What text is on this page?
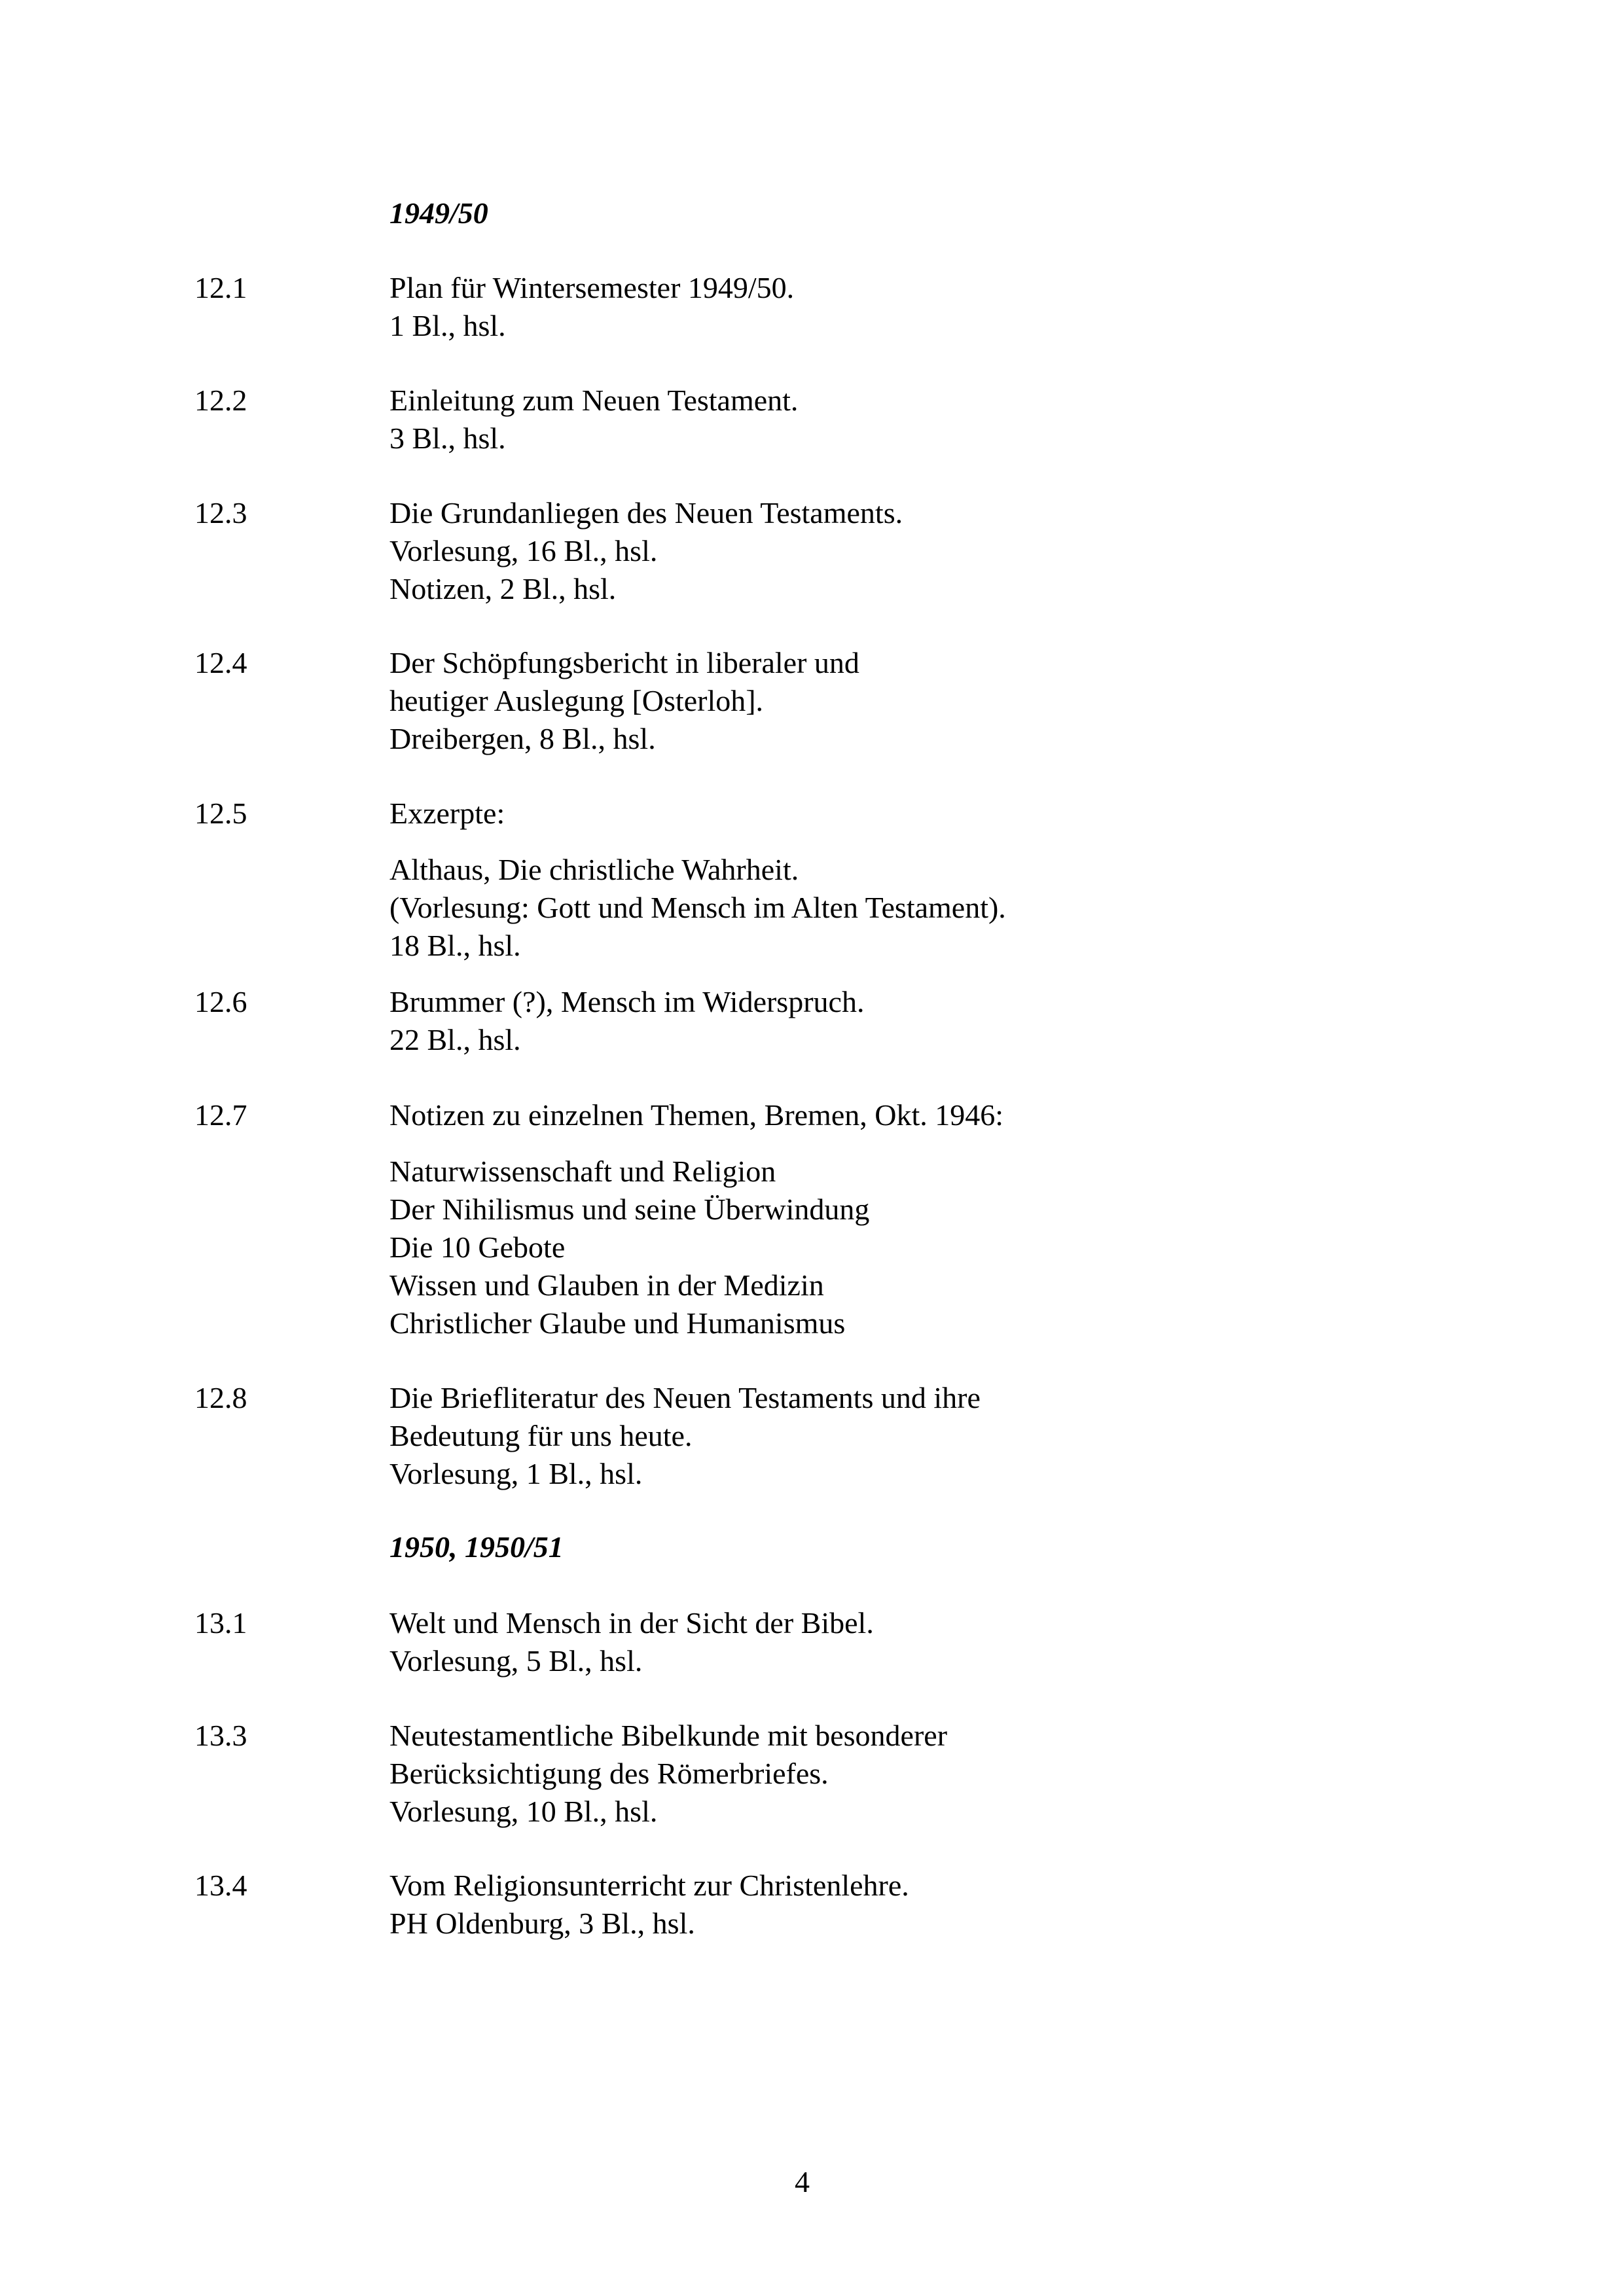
1949/50
12.1	Plan für Wintersemester 1949/50.
1 Bl., hsl.
12.2	Einleitung zum Neuen Testament.
3 Bl., hsl.
12.3	Die Grundanliegen des Neuen Testaments.
Vorlesung, 16 Bl., hsl.
Notizen, 2 Bl., hsl.
12.4	Der Schöpfungsbericht in liberaler und
heutiger Auslegung [Osterloh].
Dreibergen, 8 Bl., hsl.
12.5	Exzerpte:
Althaus, Die christliche Wahrheit.
(Vorlesung: Gott und Mensch im Alten Testament).
18 Bl., hsl.
12.6	Brummer (?), Mensch im Widerspruch.
22 Bl., hsl.
12.7	Notizen zu einzelnen Themen, Bremen, Okt. 1946:
Naturwissenschaft und Religion
Der Nihilismus und seine Überwindung
Die 10 Gebote
Wissen und Glauben in der Medizin
Christlicher Glaube und Humanismus
12.8	Die Briefliteratur des Neuen Testaments und ihre
Bedeutung für uns heute.
Vorlesung, 1 Bl., hsl.
1950, 1950/51
13.1	Welt und Mensch in der Sicht der Bibel.
Vorlesung, 5 Bl., hsl.
13.3	Neutestamentliche Bibelkunde mit besonderer
Berücksichtigung des Römerbriefes.
Vorlesung, 10 Bl., hsl.
13.4	Vom Religionsunterricht zur Christenlehre.
PH Oldenburg, 3 Bl., hsl.
4
